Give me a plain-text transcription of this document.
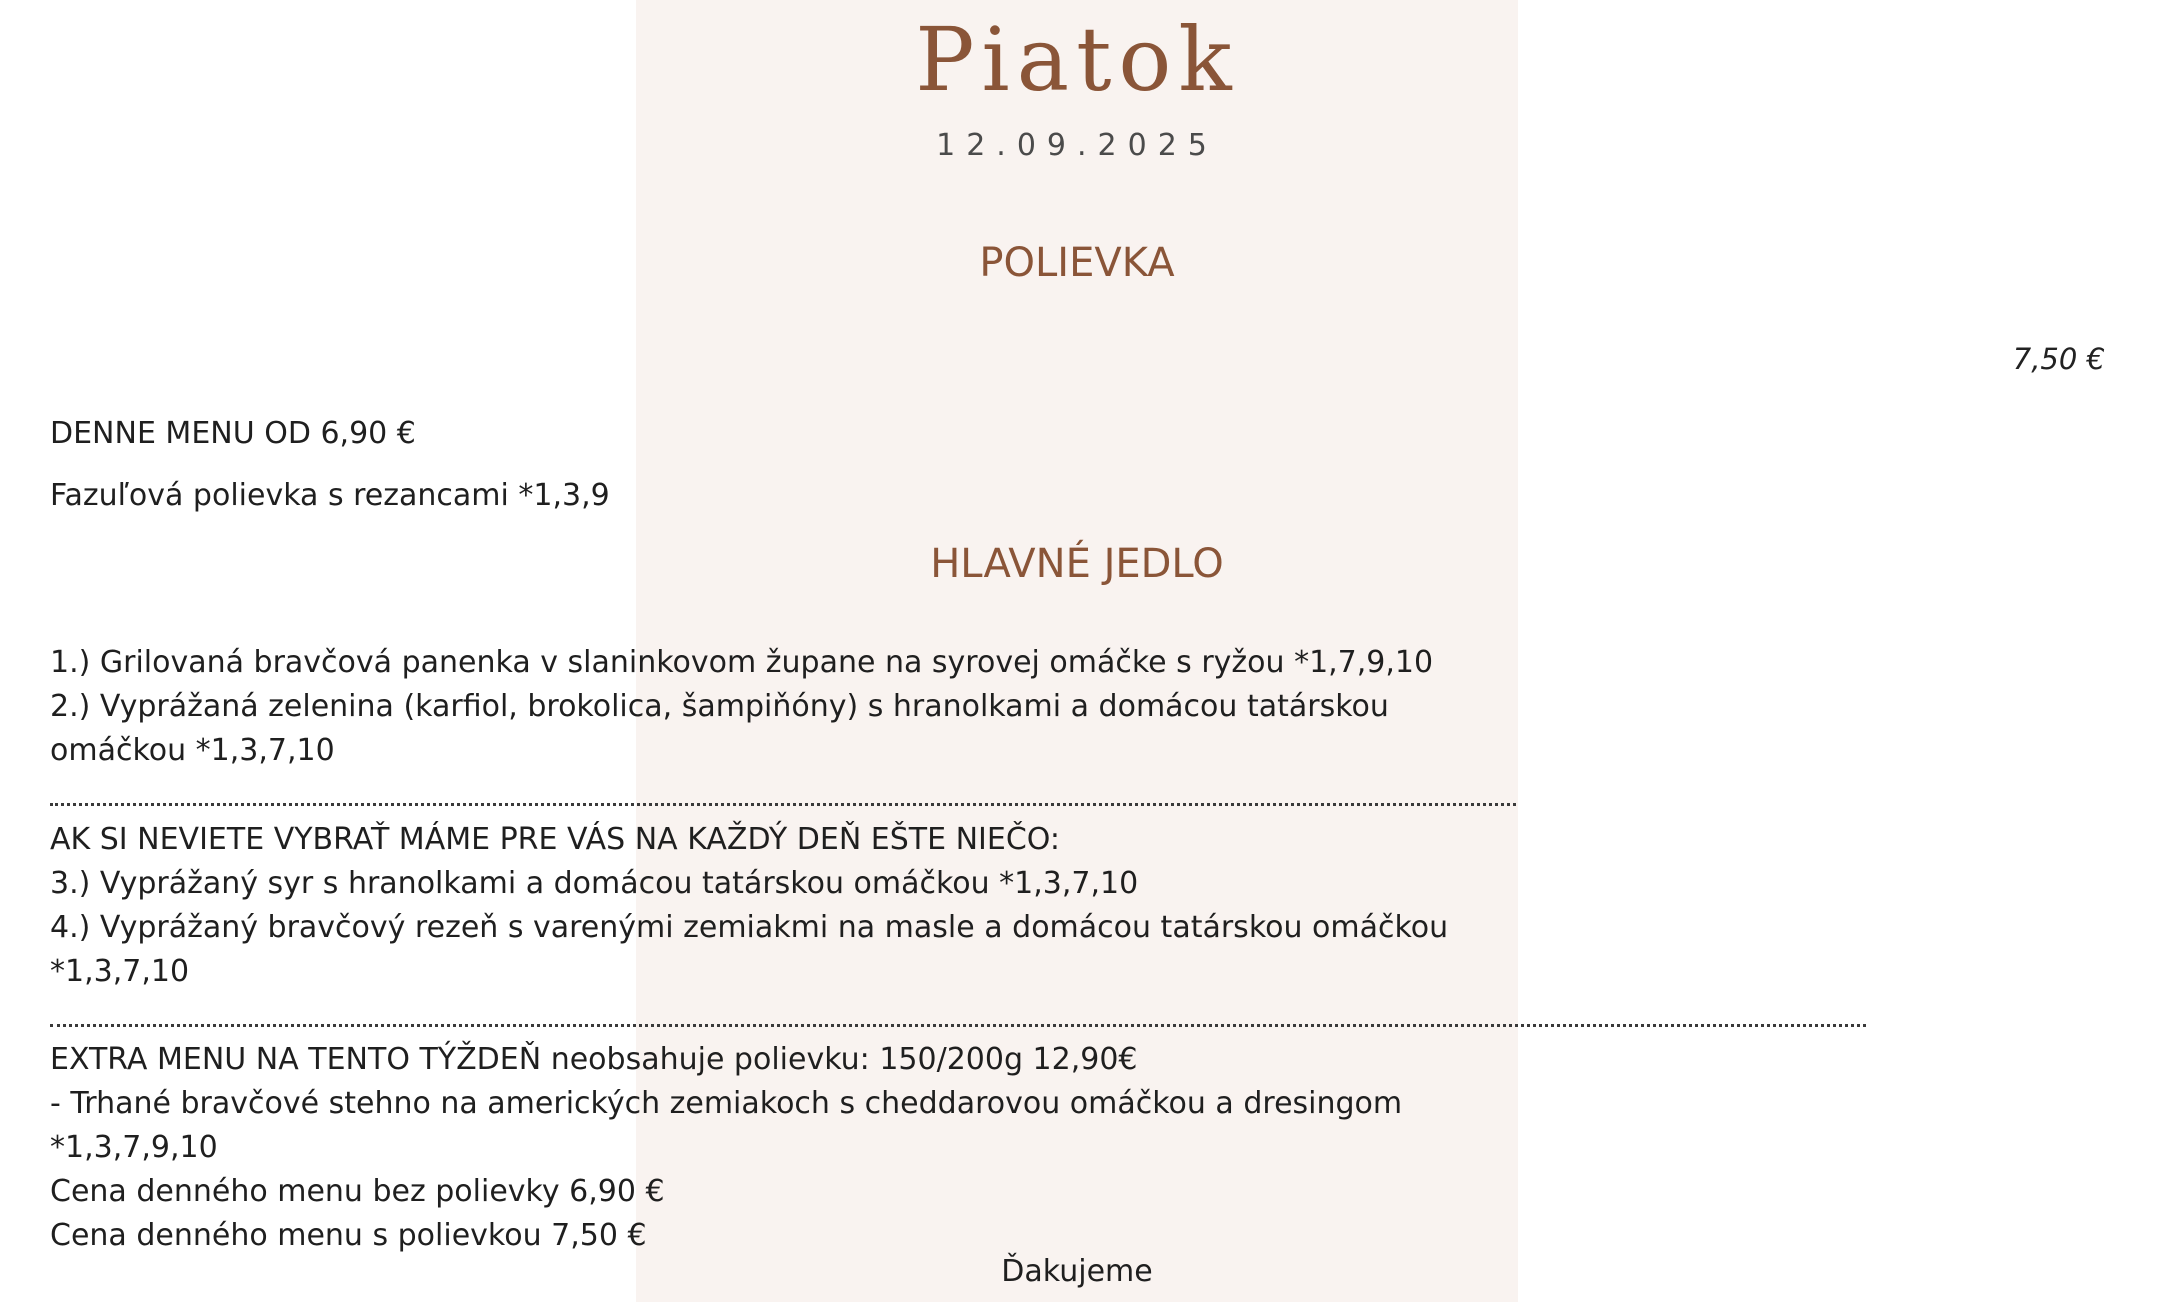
Piatok
12.09.2025
POLIEVKA
7,50 €
DENNE MENU OD 6,90 €
Fazuľová polievka s rezancami *1,3,9
HLAVNÉ JEDLO
1.) Grilovaná bravčová panenka v slaninkovom župane na syrovej omáčke s ryžou *1,7,9,10
2.) Vyprážaná zelenina (karfiol, brokolica, šampiňóny) s hranolkami a domácou tatárskou
omáčkou *1,3,7,10
AK SI NEVIETE VYBRAŤ MÁME PRE VÁS NA KAŽDÝ DEŇ EŠTE NIEČO:
3.) Vyprážaný syr s hranolkami a domácou tatárskou omáčkou *1,3,7,10
4.) Vyprážaný bravčový rezeň s varenými zemiakmi na masle a domácou tatárskou omáčkou
*1,3,7,10
EXTRA MENU NA TENTO TÝŽDEŇ neobsahuje polievku: 150/200g 12,90€
- Trhané bravčové stehno na amerických zemiakoch s cheddarovou omáčkou a dresingom
*1,3,7,9,10
Cena denného menu bez polievky 6,90 €
Cena denného menu s polievkou 7,50 €
Ďakujeme
